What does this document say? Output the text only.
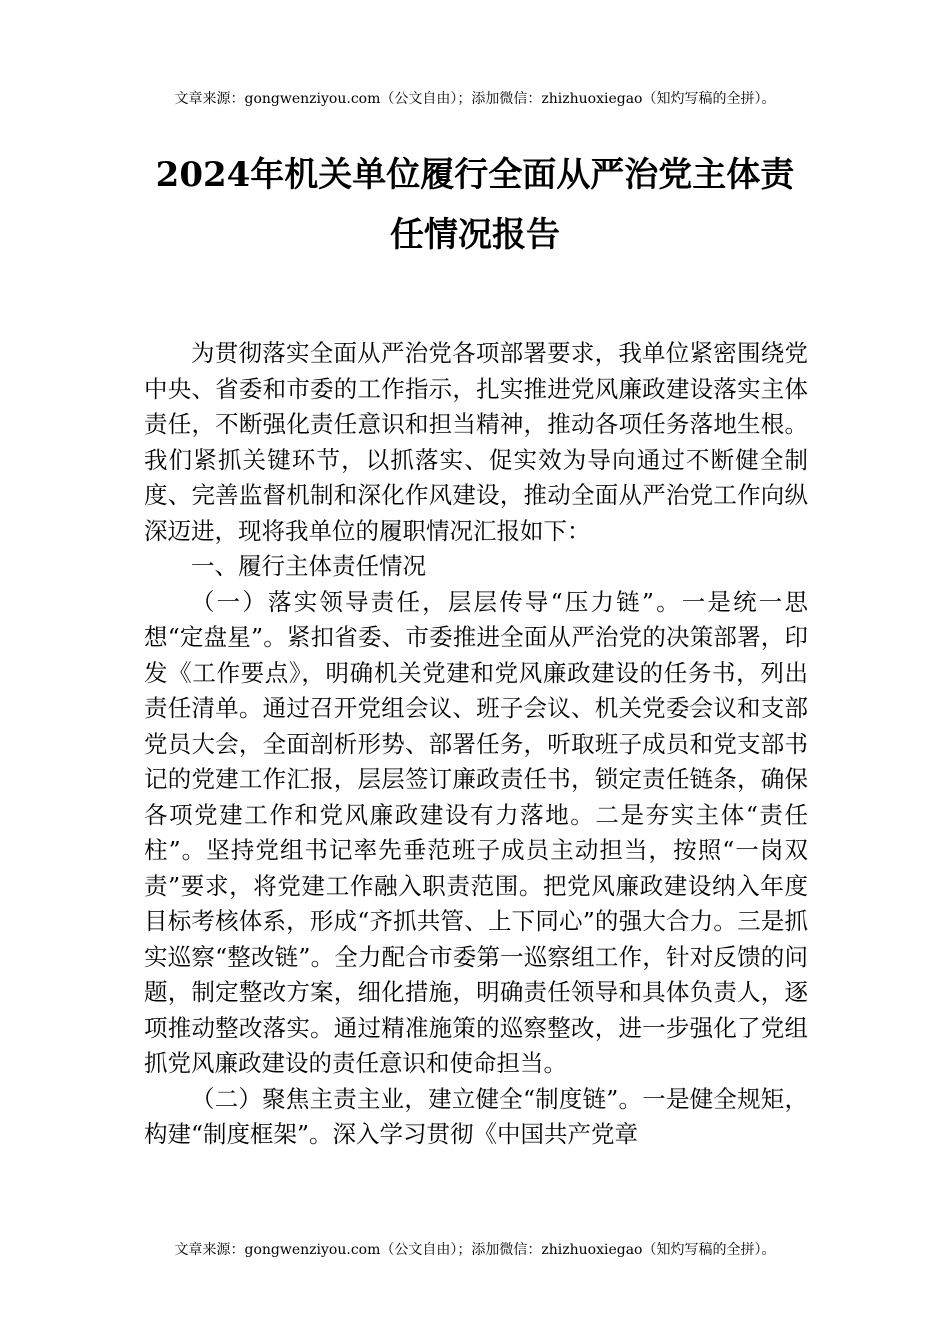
文章来源：gongwenziyou.com（公文自由）；添加微信：zhizhuoxiegao（知灼写稿的全拼）。
2024年机关单位履行全面从严治党主体责
任情况报告

为贯彻落实全面从严治党各项部署要求，我单位紧密围绕党中央、省委和市委的工作指示，扎实推进党风廉政建设落实主体责任，不断强化责任意识和担当精神，推动各项任务落地生根。我们紧抓关键环节，以抓落实、促实效为导向通过不断健全制度、完善监督机制和深化作风建设，推动全面从严治党工作向纵深迈进，现将我单位的履职情况汇报如下：

一、履行主体责任情况

（一）落实领导责任，层层传导“压力链”。一是统一思想“定盘星”。紧扣省委、市委推进全面从严治党的决策部署，印发《工作要点》，明确机关党建和党风廉政建设的任务书，列出责任清单。通过召开党组会议、班子会议、机关党委会议和支部党员大会，全面剖析形势、部署任务，听取班子成员和党支部书记的党建工作汇报，层层签订廉政责任书，锁定责任链条，确保各项党建工作和党风廉政建设有力落地。二是夯实主体“责任柱”。坚持党组书记率先垂范班子成员主动担当，按照“一岗双责”要求，将党建工作融入职责范围。把党风廉政建设纳入年度目标考核体系，形成“齐抓共管、上下同心”的强大合力。三是抓实巡察“整改链”。全力配合市委第一巡察组工作，针对反馈的问题，制定整改方案，细化措施，明确责任领导和具体负责人，逐项推动整改落实。通过精准施策的巡察整改，进一步强化了党组抓党风廉政建设的责任意识和使命担当。

（二）聚焦主责主业，建立健全“制度链”。一是健全规矩，构建“制度框架”。深入学习贯彻《中国共产党章

文章来源：gongwenziyou.com（公文自由）；添加微信：zhizhuoxiegao（知灼写稿的全拼）。
